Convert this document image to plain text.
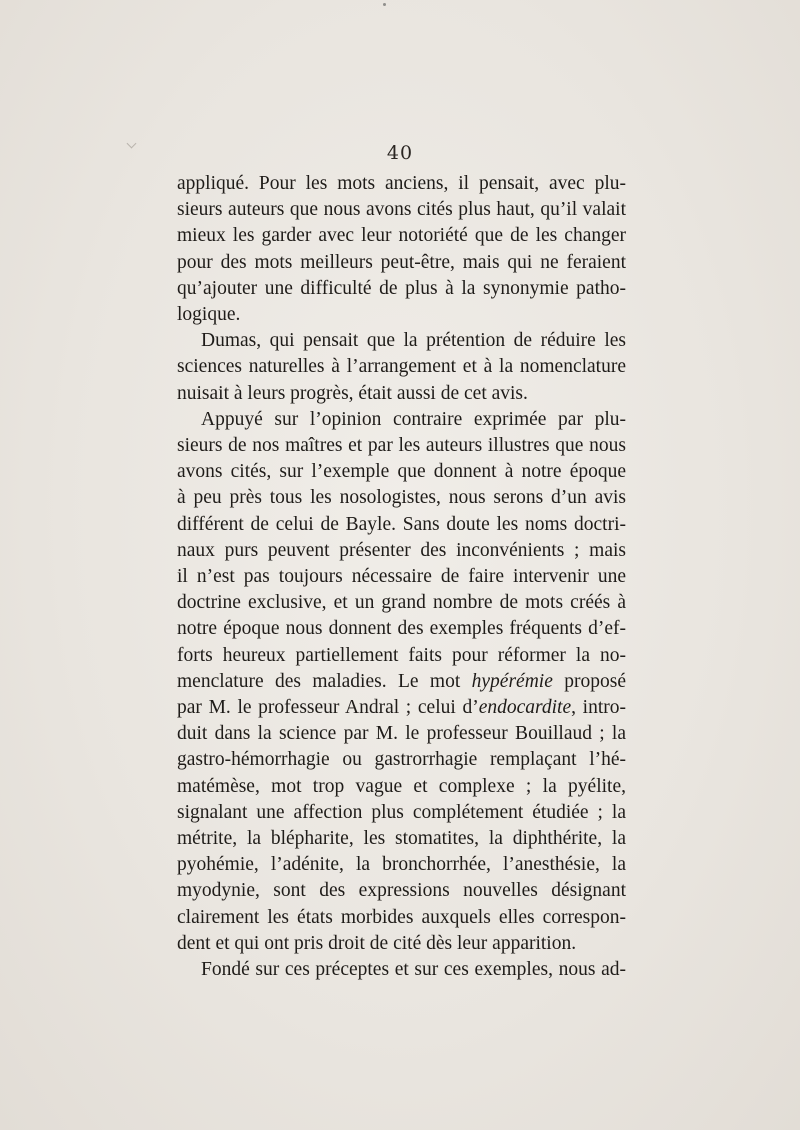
40
appliqué. Pour les mots anciens, il pensait, avec plu-
sieurs auteurs que nous avons cités plus haut, qu’il valait
mieux les garder avec leur notoriété que de les changer
pour des mots meilleurs peut-être, mais qui ne feraient
qu’ajouter une difficulté de plus à la synonymie patho-
logique.
Dumas, qui pensait que la prétention de réduire les
sciences naturelles à l’arrangement et à la nomenclature
nuisait à leurs progrès, était aussi de cet avis.
Appuyé sur l’opinion contraire exprimée par plu-
sieurs de nos maîtres et par les auteurs illustres que nous
avons cités, sur l’exemple que donnent à notre époque
à peu près tous les nosologistes, nous serons d’un avis
différent de celui de Bayle. Sans doute les noms doctri-
naux purs peuvent présenter des inconvénients ; mais
il n’est pas toujours nécessaire de faire intervenir une
doctrine exclusive, et un grand nombre de mots créés à
notre époque nous donnent des exemples fréquents d’ef-
forts heureux partiellement faits pour réformer la no-
menclature des maladies. Le mot hypérémie proposé
par M. le professeur Andral ; celui d’endocardite, intro-
duit dans la science par M. le professeur Bouillaud ; la
gastro-hémorrhagie ou gastrorrhagie remplaçant l’hé-
matémèse, mot trop vague et complexe ; la pyélite,
signalant une affection plus complétement étudiée ; la
métrite, la blépharite, les stomatites, la diphthérite, la
pyohémie, l’adénite, la bronchorrhée, l’anesthésie, la
myodynie, sont des expressions nouvelles désignant
clairement les états morbides auxquels elles correspon-
dent et qui ont pris droit de cité dès leur apparition.
Fondé sur ces préceptes et sur ces exemples, nous ad-
